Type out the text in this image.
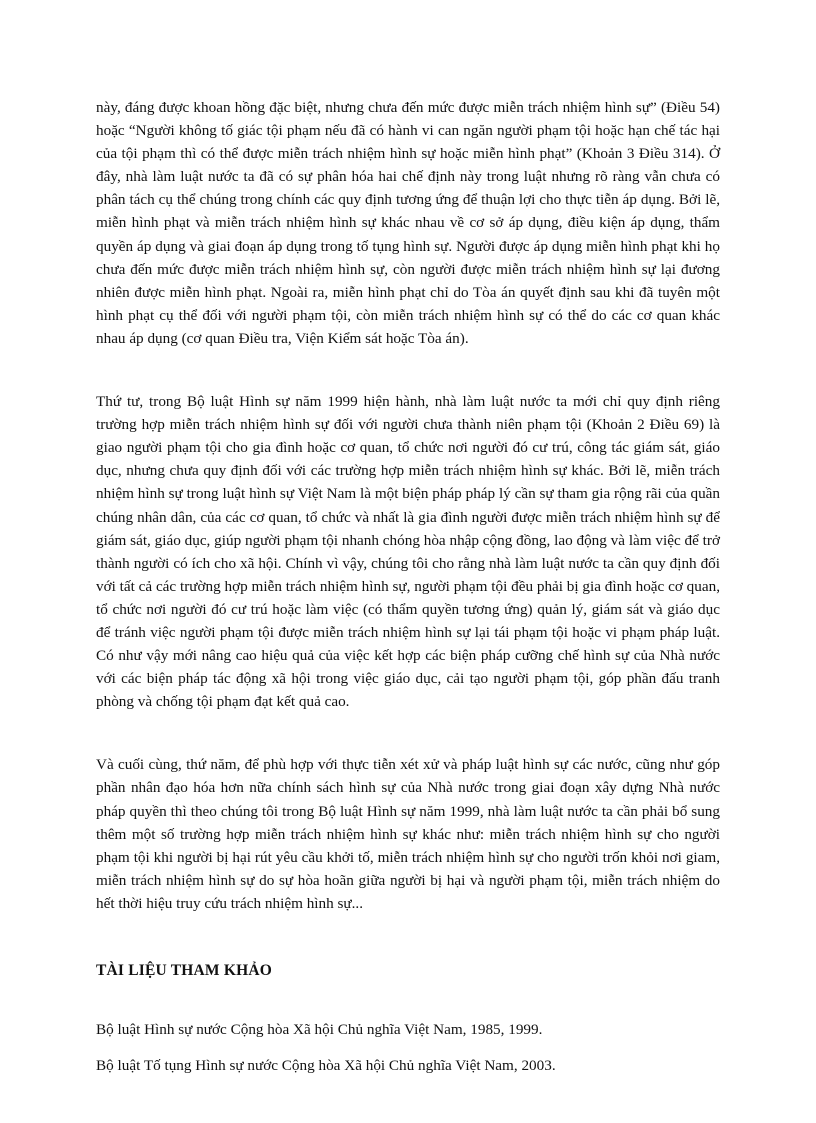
này, đáng được khoan hồng đặc biệt, nhưng chưa đến mức được miễn trách nhiệm hình sự” (Điều 54) hoặc “Người không tố giác tội phạm nếu đã có hành vi can ngăn người phạm tội hoặc hạn chế tác hại của tội phạm thì có thể được miễn trách nhiệm hình sự hoặc miễn hình phạt” (Khoản 3 Điều 314). Ở đây, nhà làm luật nước ta đã có sự phân hóa hai chế định này trong luật nhưng rõ ràng vẫn chưa có phân tách cụ thể chúng trong chính các quy định tương ứng để thuận lợi cho thực tiễn áp dụng. Bởi lẽ, miễn hình phạt và miễn trách nhiệm hình sự khác nhau về cơ sở áp dụng, điều kiện áp dụng, thẩm quyền áp dụng và giai đoạn áp dụng trong tố tụng hình sự. Người được áp dụng miễn hình phạt khi họ chưa đến mức được miễn trách nhiệm hình sự, còn người được miễn trách nhiệm hình sự lại đương nhiên được miễn hình phạt. Ngoài ra, miễn hình phạt chỉ do Tòa án quyết định sau khi đã tuyên một hình phạt cụ thể đối với người phạm tội, còn miễn trách nhiệm hình sự có thể do các cơ quan khác nhau áp dụng (cơ quan Điều tra, Viện Kiểm sát hoặc Tòa án).

Thứ tư, trong Bộ luật Hình sự năm 1999 hiện hành, nhà làm luật nước ta mới chỉ quy định riêng trường hợp miễn trách nhiệm hình sự đối với người chưa thành niên phạm tội (Khoản 2 Điều 69) là giao người phạm tội cho gia đình hoặc cơ quan, tổ chức nơi người đó cư trú, công tác giám sát, giáo dục, nhưng chưa quy định đối với các trường hợp miễn trách nhiệm hình sự khác. Bởi lẽ, miễn trách nhiệm hình sự trong luật hình sự Việt Nam là một biện pháp pháp lý cần sự tham gia rộng rãi của quần chúng nhân dân, của các cơ quan, tổ chức và nhất là gia đình người được miễn trách nhiệm hình sự để giám sát, giáo dục, giúp người phạm tội nhanh chóng hòa nhập cộng đồng, lao động và làm việc để trở thành người có ích cho xã hội. Chính vì vậy, chúng tôi cho rằng nhà làm luật nước ta cần quy định đối với tất cả các trường hợp miễn trách nhiệm hình sự, người phạm tội đều phải bị gia đình hoặc cơ quan, tổ chức nơi người đó cư trú hoặc làm việc (có thẩm quyền tương ứng) quản lý, giám sát và giáo dục để tránh việc người phạm tội được miễn trách nhiệm hình sự lại tái phạm tội hoặc vi phạm pháp luật. Có như vậy mới nâng cao hiệu quả của việc kết hợp các biện pháp cưỡng chế hình sự của Nhà nước với các biện pháp tác động xã hội trong việc giáo dục, cải tạo người phạm tội, góp phần đấu tranh phòng và chống tội phạm đạt kết quả cao.

Và cuối cùng, thứ năm, để phù hợp với thực tiễn xét xử và pháp luật hình sự các nước, cũng như góp phần nhân đạo hóa hơn nữa chính sách hình sự của Nhà nước trong giai đoạn xây dựng Nhà nước pháp quyền thì theo chúng tôi trong Bộ luật Hình sự năm 1999, nhà làm luật nước ta cần phải bổ sung thêm một số trường hợp miễn trách nhiệm hình sự khác như: miễn trách nhiệm hình sự cho người phạm tội khi người bị hại rút yêu cầu khởi tố, miễn trách nhiệm hình sự cho người trốn khỏi nơi giam, miễn trách nhiệm hình sự do sự hòa hoãn giữa người bị hại và người phạm tội, miễn trách nhiệm do hết thời hiệu truy cứu trách nhiệm hình sự...

TÀI LIỆU THAM KHẢO

Bộ luật Hình sự nước Cộng hòa Xã hội Chủ nghĩa Việt Nam, 1985, 1999.

Bộ luật Tố tụng Hình sự nước Cộng hòa Xã hội Chủ nghĩa Việt Nam, 2003.
